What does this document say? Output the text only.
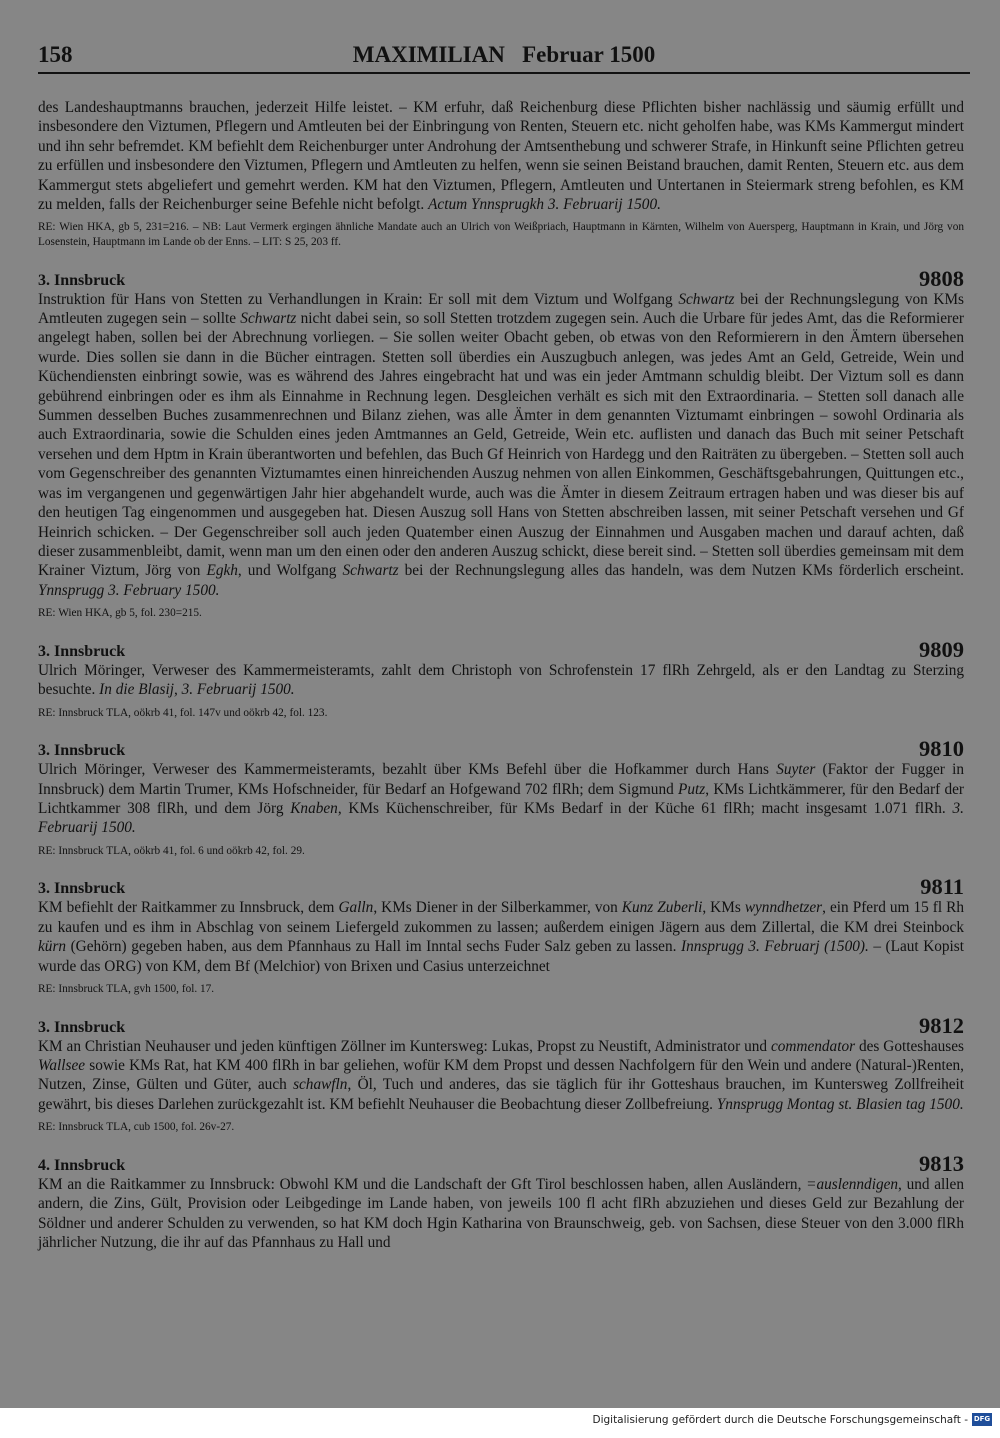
158	MAXIMILIAN   Februar 1500

des Landeshauptmanns brauchen, jederzeit Hilfe leistet. – KM erfuhr, daß Reichenburg diese Pflichten bisher nachlässig und säumig erfüllt und insbesondere den Viztumen, Pflegern und Amtleuten bei der Einbringung von Renten, Steuern etc. nicht geholfen habe, was KMs Kammergut mindert und ihn sehr befremdet. KM befiehlt dem Reichenburger unter Androhung der Amtsenthebung und schwerer Strafe, in Hinkunft seine Pflichten getreu zu erfüllen und insbesondere den Viztumen, Pflegern und Amtleuten zu helfen, wenn sie seinen Beistand brauchen, damit Renten, Steuern etc. aus dem Kammergut stets abgeliefert und gemehrt werden. KM hat den Viztumen, Pflegern, Amtleuten und Untertanen in Steiermark streng befohlen, es KM zu melden, falls der Reichenburger seine Befehle nicht befolgt. Actum Ynnsprugkh 3. Februarij 1500.

RE: Wien HKA, gb 5, 231=216. – NB: Laut Vermerk ergingen ähnliche Mandate auch an Ulrich von Weißpriach, Hauptmann in Kärnten, Wilhelm von Auersperg, Hauptmann in Krain, und Jörg von Losenstein, Hauptmann im Lande ob der Enns. – LIT: S 25, 203 ff.

3. Innsbruck	9808

Instruktion für Hans von Stetten zu Verhandlungen in Krain: Er soll mit dem Viztum und Wolfgang Schwartz bei der Rechnungslegung von KMs Amtleuten zugegen sein – sollte Schwartz nicht dabei sein, so soll Stetten trotzdem zugegen sein. Auch die Urbare für jedes Amt, das die Reformierer angelegt haben, sollen bei der Abrechnung vorliegen. – Sie sollen weiter Obacht geben, ob etwas von den Reformierern in den Ämtern übersehen wurde. Dies sollen sie dann in die Bücher eintragen. Stetten soll überdies ein Auszugbuch anlegen, was jedes Amt an Geld, Getreide, Wein und Küchendiensten einbringt sowie, was es während des Jahres eingebracht hat und was ein jeder Amtmann schuldig bleibt. Der Viztum soll es dann gebührend einbringen oder es ihm als Einnahme in Rechnung legen. Desgleichen verhält es sich mit den Extraordinaria. – Stetten soll danach alle Summen desselben Buches zusammenrechnen und Bilanz ziehen, was alle Ämter in dem genannten Viztumamt einbringen – sowohl Ordinaria als auch Extraordinaria, sowie die Schulden eines jeden Amtmannes an Geld, Getreide, Wein etc. auflisten und danach das Buch mit seiner Petschaft versehen und dem Hptm in Krain überantworten und befehlen, das Buch Gf Heinrich von Hardegg und den Raiträten zu übergeben. – Stetten soll auch vom Gegenschreiber des genannten Viztumamtes einen hinreichenden Auszug nehmen von allen Einkommen, Geschäftsgebahrungen, Quittungen etc., was im vergangenen und gegenwärtigen Jahr hier abgehandelt wurde, auch was die Ämter in diesem Zeitraum ertragen haben und was dieser bis auf den heutigen Tag eingenommen und ausgegeben hat. Diesen Auszug soll Hans von Stetten abschreiben lassen, mit seiner Petschaft versehen und Gf Heinrich schicken. – Der Gegenschreiber soll auch jeden Quatember einen Auszug der Einnahmen und Ausgaben machen und darauf achten, daß dieser zusammenbleibt, damit, wenn man um den einen oder den anderen Auszug schickt, diese bereit sind. – Stetten soll überdies gemeinsam mit dem Krainer Viztum, Jörg von Egkh, und Wolfgang Schwartz bei der Rechnungslegung alles das handeln, was dem Nutzen KMs förderlich erscheint. Ynnsprugg 3. February 1500.

RE: Wien HKA, gb 5, fol. 230=215.

3. Innsbruck	9809

Ulrich Möringer, Verweser des Kammermeisteramts, zahlt dem Christoph von Schrofenstein 17 flRh Zehrgeld, als er den Landtag zu Sterzing besuchte. In die Blasij, 3. Februarij 1500.

RE: Innsbruck TLA, oökrb 41, fol. 147v und oökrb 42, fol. 123.

3. Innsbruck	9810

Ulrich Möringer, Verweser des Kammermeisteramts, bezahlt über KMs Befehl über die Hofkammer durch Hans Suyter (Faktor der Fugger in Innsbruck) dem Martin Trumer, KMs Hofschneider, für Bedarf an Hofgewand 702 flRh; dem Sigmund Putz, KMs Lichtkämmerer, für den Bedarf der Lichtkammer 308 flRh, und dem Jörg Knaben, KMs Küchenschreiber, für KMs Bedarf in der Küche 61 flRh; macht insgesamt 1.071 flRh. 3. Februarij 1500.

RE: Innsbruck TLA, oökrb 41, fol. 6 und oökrb 42, fol. 29.

3. Innsbruck	9811

KM befiehlt der Raitkammer zu Innsbruck, dem Galln, KMs Diener in der Silberkammer, von Kunz Zuberli, KMs wynndhetzer, ein Pferd um 15 fl Rh zu kaufen und es ihm in Abschlag von seinem Liefergeld zukommen zu lassen; außerdem einigen Jägern aus dem Zillertal, die KM drei Steinbock kürn (Gehörn) gegeben haben, aus dem Pfannhaus zu Hall im Inntal sechs Fuder Salz geben zu lassen. Innsprugg 3. Februarj (1500). – (Laut Kopist wurde das ORG) von KM, dem Bf (Melchior) von Brixen und Casius unterzeichnet

RE: Innsbruck TLA, gvh 1500, fol. 17.

3. Innsbruck	9812

KM an Christian Neuhauser und jeden künftigen Zöllner im Kuntersweg: Lukas, Propst zu Neustift, Administrator und commendator des Gotteshauses Wallsee sowie KMs Rat, hat KM 400 flRh in bar geliehen, wofür KM dem Propst und dessen Nachfolgern für den Wein und andere (Natural-)Renten, Nutzen, Zinse, Gülten und Güter, auch schawfln, Öl, Tuch und anderes, das sie täglich für ihr Gotteshaus brauchen, im Kuntersweg Zollfreiheit gewährt, bis dieses Darlehen zurückgezahlt ist. KM befiehlt Neuhauser die Beobachtung dieser Zollbefreiung. Ynnsprugg Montag st. Blasien tag 1500.

RE: Innsbruck TLA, cub 1500, fol. 26v-27.

4. Innsbruck	9813

KM an die Raitkammer zu Innsbruck: Obwohl KM und die Landschaft der Gft Tirol beschlossen haben, allen Ausländern, =auslenndigen, und allen andern, die Zins, Gült, Provision oder Leibgedinge im Lande haben, von jeweils 100 fl acht flRh abzuziehen und dieses Geld zur Bezahlung der Söldner und anderer Schulden zu verwenden, so hat KM doch Hgin Katharina von Braunschweig, geb. von Sachsen, diese Steuer von den 3.000 flRh jährlicher Nutzung, die ihr auf das Pfannhaus zu Hall und

Digitalisierung gefördert durch die Deutsche Forschungsgemeinschaft - DFG
